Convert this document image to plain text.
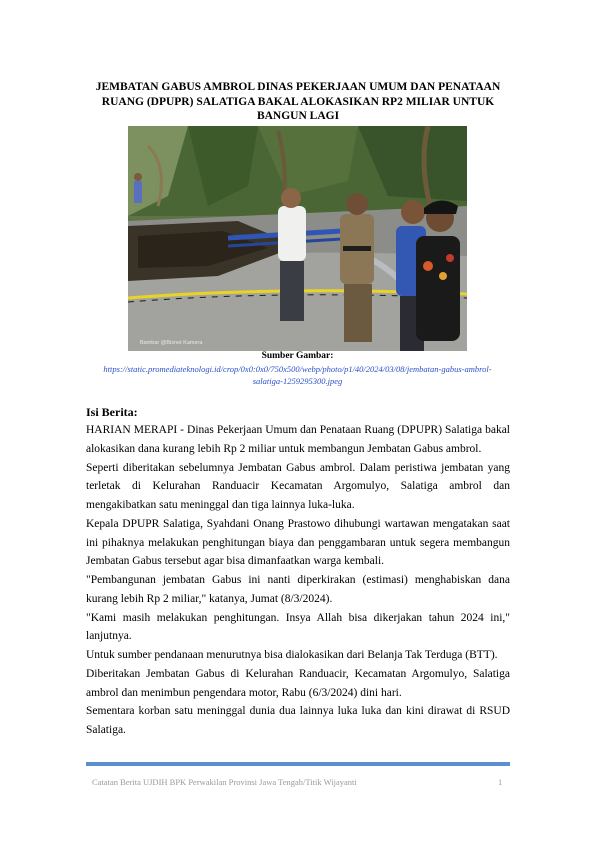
JEMBATAN GABUS AMBROL DINAS PEKERJAAN UMUM DAN PENATAAN RUANG (DPUPR) SALATIGA BAKAL ALOKASIKAN RP2 MILIAR UNTUK BANGUN LAGI
Bambar @Bisnet Kamera
Sumber Gambar:
https://static.promediateknologi.id/crop/0x0:0x0/750x500/webp/photo/p1/40/2024/03/08/jembatan-gabus-ambrol-salatiga-1259295300.jpeg
Isi Berita:

HARIAN MERAPI - Dinas Pekerjaan Umum dan Penataan Ruang (DPUPR) Salatiga bakal alokasikan dana kurang lebih Rp 2 miliar untuk membangun Jembatan Gabus ambrol.

Seperti diberitakan sebelumnya Jembatan Gabus ambrol. Dalam peristiwa jembatan yang terletak di Kelurahan Randuacir Kecamatan Argomulyo, Salatiga ambrol dan mengakibatkan satu meninggal dan tiga lainnya luka-luka.

Kepala DPUPR Salatiga, Syahdani Onang Prastowo dihubungi wartawan mengatakan saat ini pihaknya melakukan penghitungan biaya dan penggambaran untuk segera membangun Jembatan Gabus tersebut agar bisa dimanfaatkan warga kembali.

"Pembangunan jembatan Gabus ini nanti diperkirakan (estimasi) menghabiskan dana kurang lebih Rp 2 miliar," katanya, Jumat (8/3/2024).

"Kami masih melakukan penghitungan. Insya Allah bisa dikerjakan tahun 2024 ini," lanjutnya.

Untuk sumber pendanaan menurutnya bisa dialokasikan dari Belanja Tak Terduga (BTT).

Diberitakan Jembatan Gabus di Kelurahan Randuacir, Kecamatan Argomulyo, Salatiga ambrol dan menimbun pengendara motor, Rabu (6/3/2024) dini hari.

Sementara korban satu meninggal dunia dua lainnya luka luka dan kini dirawat di RSUD Salatiga.

Catatan Berita UJDIH BPK Perwakilan Provinsi Jawa Tengah/Titik Wijayanti	1
